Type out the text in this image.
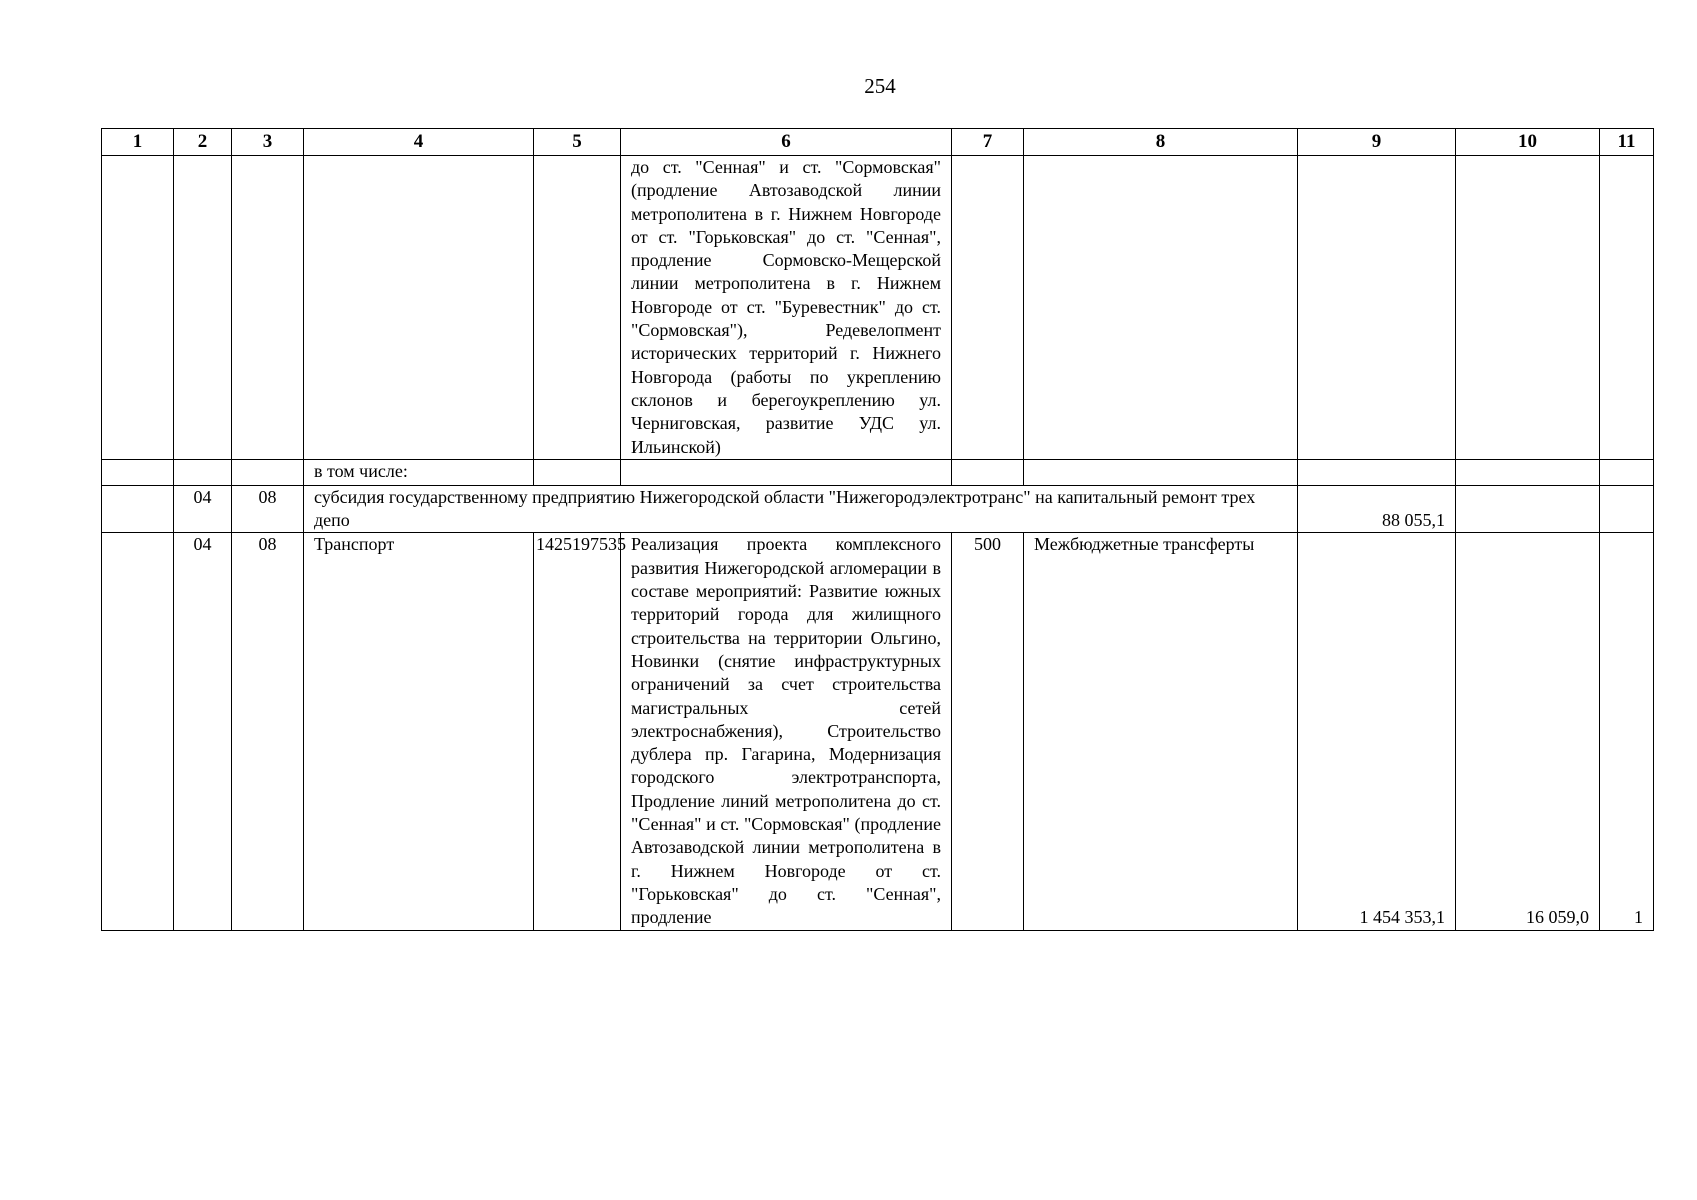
254
1	2	3	4	5	6	7	8	9	10	11
					до ст. "Сенная" и ст. "Сормовская" (продление Автозаводской линии метрополитена в г. Нижнем Новгороде от ст. "Горьковская" до ст. "Сенная", продление Сормовско-Мещерской линии метрополитена в г. Нижнем Новгороде от ст. "Буревестник" до ст. "Сормовская"), Редевелопмент исторических территорий г. Нижнего Новгорода (работы по укреплению склонов и берегоукреплению ул. Черниговская, развитие УДС ул. Ильинской)					
			в том числе:							
	04	08	субсидия государственному предприятию Нижегородской области "Нижегородэлектротранс" на капитальный ремонт трех депо					88 055,1		
	04	08	Транспорт	1425197535	Реализация проекта комплексного развития Нижегородской агломерации в составе мероприятий: Развитие южных территорий города для жилищного строительства на территории Ольгино, Новинки (снятие инфраструктурных ограничений за счет строительства магистральных сетей электроснабжения), Строительство дублера пр. Гагарина, Модернизация городского электротранспорта, Продление линий метрополитена до ст. "Сенная" и ст. "Сормовская" (продление Автозаводской линии метрополитена в г. Нижнем Новгороде от ст. "Горьковская" до ст. "Сенная", продление	500	Межбюджетные трансферты	1 454 353,1	16 059,0	1
